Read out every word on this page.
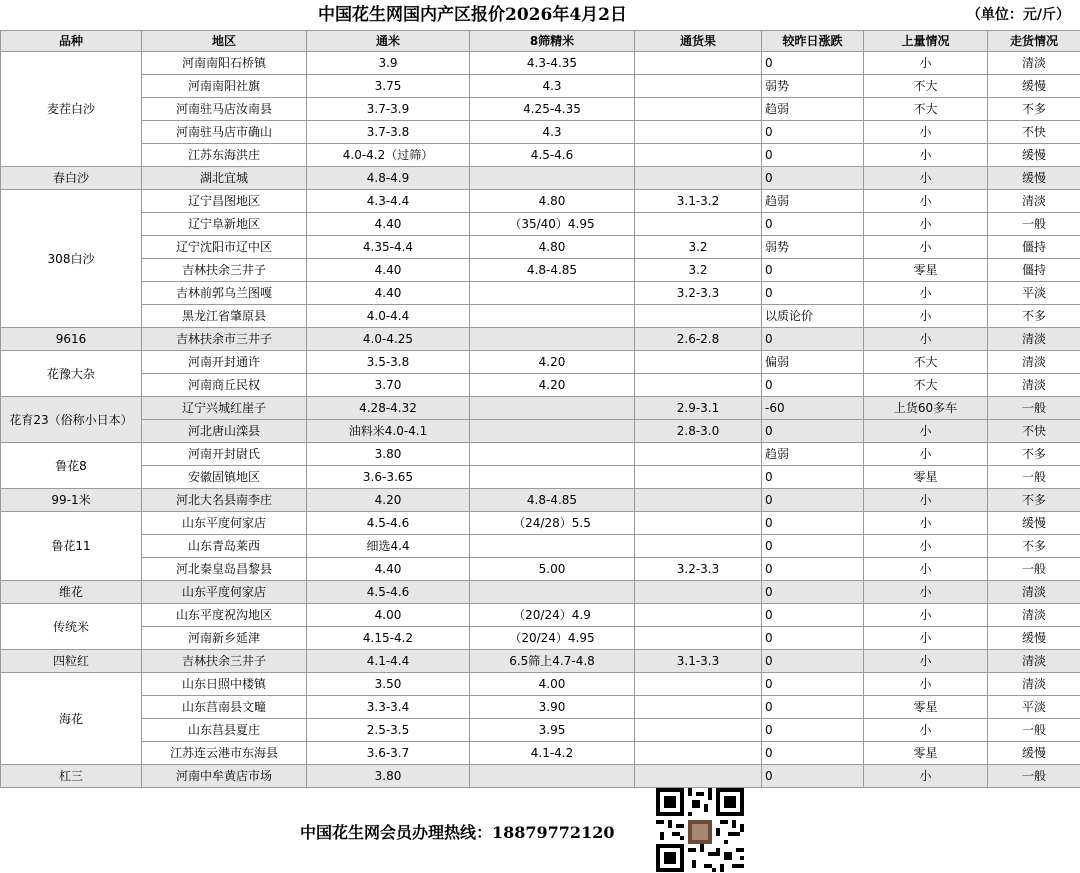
中国花生网国内产区报价2026年4月2日	（单位：元/斤）
品种	地区	通米	8筛精米	通货果	较昨日涨跌	上量情况	走货情况
麦茬白沙	河南南阳石桥镇	3.9	4.3-4.35		0	小	清淡
	河南南阳社旗	3.75	4.3		弱势	不大	缓慢
	河南驻马店汝南县	3.7-3.9	4.25-4.35		趋弱	不大	不多
	河南驻马店市确山	3.7-3.8	4.3		0	小	不快
	江苏东海洪庄	4.0-4.2（过筛）	4.5-4.6		0	小	缓慢
春白沙	湖北宜城	4.8-4.9			0	小	缓慢
308白沙	辽宁昌图地区	4.3-4.4	4.80	3.1-3.2	趋弱	小	清淡
	辽宁阜新地区	4.40	（35/40）4.95		0	小	一般
	辽宁沈阳市辽中区	4.35-4.4	4.80	3.2	弱势	小	僵持
	吉林扶余三井子	4.40	4.8-4.85	3.2	0	零星	僵持
	吉林前郭乌兰图嘎	4.40		3.2-3.3	0	小	平淡
	黑龙江省肇原县	4.0-4.4			以质论价	小	不多
9616	吉林扶余市三井子	4.0-4.25		2.6-2.8	0	小	清淡
花豫大杂	河南开封通许	3.5-3.8	4.20		偏弱	不大	清淡
	河南商丘民权	3.70	4.20		0	不大	清淡
花育23（俗称小日本）	辽宁兴城红崖子	4.28-4.32		2.9-3.1	-60	上货60多车	一般
	河北唐山滦县	油料米4.0-4.1		2.8-3.0	0	小	不快
鲁花8	河南开封尉氏	3.80			趋弱	小	不多
	安徽固镇地区	3.6-3.65			0	零星	一般
99-1米	河北大名县南李庄	4.20	4.8-4.85		0	小	不多
鲁花11	山东平度何家店	4.5-4.6	（24/28）5.5		0	小	缓慢
	山东青岛莱西	细选4.4			0	小	不多
	河北秦皇岛昌黎县	4.40	5.00	3.2-3.3	0	小	一般
维花	山东平度何家店	4.5-4.6			0	小	清淡
传统米	山东平度祝沟地区	4.00	（20/24）4.9		0	小	清淡
	河南新乡延津	4.15-4.2	（20/24）4.95		0	小	缓慢
四粒红	吉林扶余三井子	4.1-4.4	6.5筛上4.7-4.8	3.1-3.3	0	小	清淡
海花	山东日照中楼镇	3.50	4.00		0	小	清淡
	山东莒南县文疃	3.3-3.4	3.90		0	零星	平淡
	山东莒县夏庄	2.5-3.5	3.95		0	小	一般
	江苏连云港市东海县	3.6-3.7	4.1-4.2		0	零星	缓慢
杠三	河南中牟黄店市场	3.80			0	小	一般
中国花生网会员办理热线：18879772120
